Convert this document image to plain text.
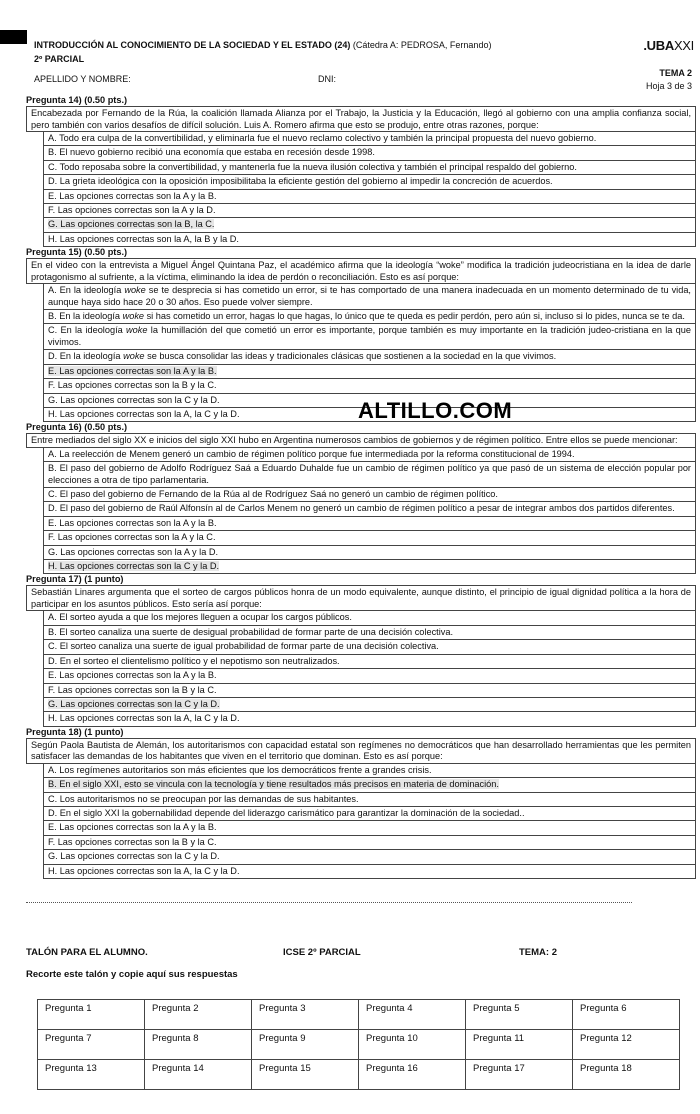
INTRODUCCIÓN AL CONOCIMIENTO DE LA SOCIEDAD Y EL ESTADO (24) (Cátedra A: PEDROSA, Fernando)
2º PARCIAL
.UBAXXI
APELLIDO Y NOMBRE:	DNI:
TEMA 2
Hoja 3 de 3
Pregunta 14) (0.50 pts.)
Encabezada por Fernando de la Rúa, la coalición llamada Alianza por el Trabajo, la Justicia y la Educación, llegó al gobierno con una amplia confianza social, pero también con varios desafíos de difícil solución. Luis A. Romero afirma que esto se produjo, entre otras razones, porque:
A. Todo era culpa de la convertibilidad, y eliminarla fue el nuevo reclamo colectivo y también la principal propuesta del nuevo gobierno.
B. El nuevo gobierno recibió una economía que estaba en recesión desde 1998.
C. Todo reposaba sobre la convertibilidad, y mantenerla fue la nueva ilusión colectiva y también el principal respaldo del gobierno.
D. La grieta ideológica con la oposición imposibilitaba la eficiente gestión del gobierno al impedir la concreción de acuerdos.
E. Las opciones correctas son la A y la B.
F. Las opciones correctas son la A y la D.
G. Las opciones correctas son la B, la C.
H. Las opciones correctas son la A, la B y la D.
Pregunta 15) (0.50 pts.)
En el video con la entrevista a Miguel Ángel Quintana Paz, el académico afirma que la ideología “woke” modifica la tradición judeocristiana en la idea de darle protagonismo al sufriente, a la víctima, eliminando la idea de perdón o reconciliación. Esto es así porque:
A. En la ideología woke se te desprecia si has cometido un error, si te has comportado de una manera inadecuada en un momento determinado de tu vida, aunque haya sido hace 20 o 30 años. Eso puede volver siempre.
B. En la ideología woke si has cometido un error, hagas lo que hagas, lo único que te queda es pedir perdón, pero aún si, incluso si lo pides, nunca se te da.
C. En la ideología woke la humillación del que cometió un error es importante, porque también es muy importante en la tradición judeo-cristiana en la que vivimos.
D. En la ideología woke se busca consolidar las ideas y tradicionales clásicas que sostienen a la sociedad en la que vivimos.
E. Las opciones correctas son la A y la B.
F. Las opciones correctas son la B y la C.
G. Las opciones correctas son la C y la D.
H. Las opciones correctas son la A, la C y la D.
Pregunta 16) (0.50 pts.)
Entre mediados del siglo XX e inicios del siglo XXI hubo en Argentina numerosos cambios de gobiernos y de régimen político. Entre ellos se puede mencionar:
A. La reelección de Menem generó un cambio de régimen político porque fue intermediada por la reforma constitucional de 1994.
B. El paso del gobierno de Adolfo Rodríguez Saá a Eduardo Duhalde fue un cambio de régimen político ya que pasó de un sistema de elección popular por elecciones a otra de tipo parlamentaria.
C. El paso del gobierno de Fernando de la Rúa al de Rodríguez Saá no generó un cambio de régimen político.
D. El paso del gobierno de Raúl Alfonsín al de Carlos Menem no generó un cambio de régimen político a pesar de integrar ambos dos partidos diferentes.
E. Las opciones correctas son la A y la B.
F. Las opciones correctas son la A y la C.
G. Las opciones correctas son la A y la D.
H. Las opciones correctas son la C y la D.
Pregunta 17) (1 punto)
Sebastián Linares argumenta que el sorteo de cargos públicos honra de un modo equivalente, aunque distinto, el principio de igual dignidad política a la hora de participar en los asuntos públicos. Esto sería así porque:
A. El sorteo ayuda a que los mejores lleguen a ocupar los cargos públicos.
B. El sorteo canaliza una suerte de desigual probabilidad de formar parte de una decisión colectiva.
C. El sorteo canaliza una suerte de igual probabilidad de formar parte de una decisión colectiva.
D. En el sorteo el clientelismo político y el nepotismo son neutralizados.
E. Las opciones correctas son la A y la B.
F. Las opciones correctas son la B y la C.
G. Las opciones correctas son la C y la D.
H. Las opciones correctas son la A, la C y la D.
Pregunta 18) (1 punto)
Según Paola Bautista de Alemán, los autoritarismos con capacidad estatal son regímenes no democráticos que han desarrollado herramientas que les permiten satisfacer las demandas de los habitantes que viven en el territorio que dominan. Esto es así porque:
A. Los regímenes autoritarios son más eficientes que los democráticos frente a grandes crisis.
B. En el siglo XXI, esto se vincula con la tecnología y tiene resultados más precisos en materia de dominación.
C. Los autoritarismos no se preocupan por las demandas de sus habitantes.
D. En el siglo XXI la gobernabilidad depende del liderazgo carismático para garantizar la dominación de la sociedad..
E. Las opciones correctas son la A y la B.
F. Las opciones correctas son la B y la C.
G. Las opciones correctas son la C y la D.
H. Las opciones correctas son la A, la C y la D.
ALTILLO.COM
TALÓN PARA EL ALUMNO.	ICSE 2º PARCIAL	TEMA: 2
Recorte este talón y copie aquí sus respuestas
Pregunta 1	Pregunta 2	Pregunta 3	Pregunta 4	Pregunta 5	Pregunta 6
Pregunta 7	Pregunta 8	Pregunta 9	Pregunta 10	Pregunta 11	Pregunta 12
Pregunta 13	Pregunta 14	Pregunta 15	Pregunta 16	Pregunta 17	Pregunta 18
